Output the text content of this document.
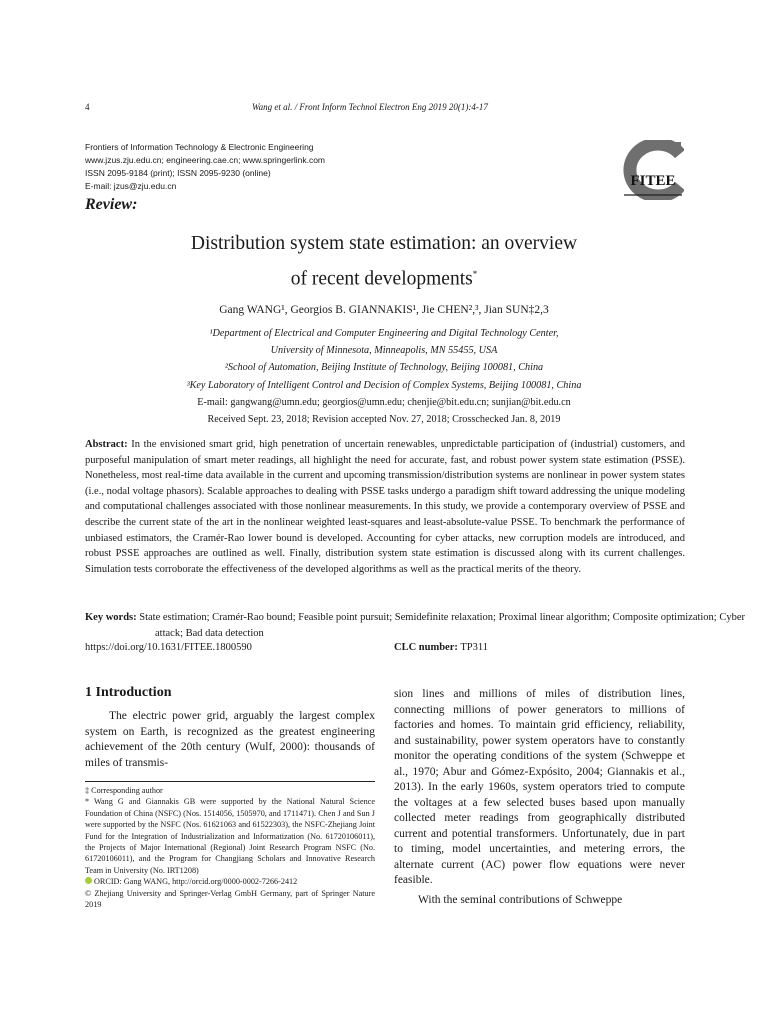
4	Wang et al. / Front Inform Technol Electron Eng 2019 20(1):4-17
Frontiers of Information Technology & Electronic Engineering
www.jzus.zju.edu.cn; engineering.cae.cn; www.springerlink.com
ISSN 2095-9184 (print); ISSN 2095-9230 (online)
E-mail: jzus@zju.edu.cn	FITEE
Review:
Distribution system state estimation: an overview
of recent developments*
Gang WANG¹, Georgios B. GIANNAKIS¹, Jie CHEN²,³, Jian SUN‡2,3
¹Department of Electrical and Computer Engineering and Digital Technology Center,
University of Minnesota, Minneapolis, MN 55455, USA
²School of Automation, Beijing Institute of Technology, Beijing 100081, China
³Key Laboratory of Intelligent Control and Decision of Complex Systems, Beijing 100081, China
E-mail: gangwang@umn.edu; georgios@umn.edu; chenjie@bit.edu.cn; sunjian@bit.edu.cn
Received Sept. 23, 2018; Revision accepted Nov. 27, 2018; Crosschecked Jan. 8, 2019
Abstract: In the envisioned smart grid, high penetration of uncertain renewables, unpredictable participation of (industrial) customers, and purposeful manipulation of smart meter readings, all highlight the need for accurate, fast, and robust power system state estimation (PSSE). Nonetheless, most real-time data available in the current and upcoming transmission/distribution systems are nonlinear in power system states (i.e., nodal voltage phasors). Scalable approaches to dealing with PSSE tasks undergo a paradigm shift toward addressing the unique modeling and computational challenges associated with those nonlinear measurements. In this study, we provide a contemporary overview of PSSE and describe the current state of the art in the nonlinear weighted least-squares and least-absolute-value PSSE. To benchmark the performance of unbiased estimators, the Cramér-Rao lower bound is developed. Accounting for cyber attacks, new corruption models are introduced, and robust PSSE approaches are outlined as well. Finally, distribution system state estimation is discussed along with its current challenges. Simulation tests corroborate the effectiveness of the developed algorithms as well as the practical merits of the theory.
Key words: State estimation; Cramér-Rao bound; Feasible point pursuit; Semidefinite relaxation; Proximal linear algorithm; Composite optimization; Cyber attack; Bad data detection
https://doi.org/10.1631/FITEE.1800590	CLC number: TP311
1 Introduction

The electric power grid, arguably the largest complex system on Earth, is recognized as the greatest engineering achievement of the 20th century (Wulf, 2000): thousands of miles of transmis-

sion lines and millions of miles of distribution lines, connecting millions of power generators to millions of factories and homes. To maintain grid efficiency, reliability, and sustainability, power system operators have to constantly monitor the operating conditions of the system (Schweppe et al., 1970; Abur and Gómez-Expósito, 2004; Giannakis et al., 2013). In the early 1960s, system operators tried to compute the voltages at a few selected buses based upon manually collected meter readings from geographically distributed current and potential transformers. Unfortunately, due in part to timing, model uncertainties, and metering errors, the alternate current (AC) power flow equations were never feasible.

With the seminal contributions of Schweppe

‡ Corresponding author

* Wang G and Giannakis GB were supported by the National Natural Science Foundation of China (NSFC) (Nos. 1514056, 1505970, and 1711471). Chen J and Sun J were supported by the NSFC (Nos. 61621063 and 61522303), the NSFC-Zhejiang Joint Fund for the Integration of Industrialization and Informatization (No. 61720106011), the Projects of Major International (Regional) Joint Research Program NSFC (No. 61720106011), and the Program for Changjiang Scholars and Innovative Research Team in University (No. IRT1208)

ORCID: Gang WANG, http://orcid.org/0000-0002-7266-2412

© Zhejiang University and Springer-Verlag GmbH Germany, part of Springer Nature 2019
